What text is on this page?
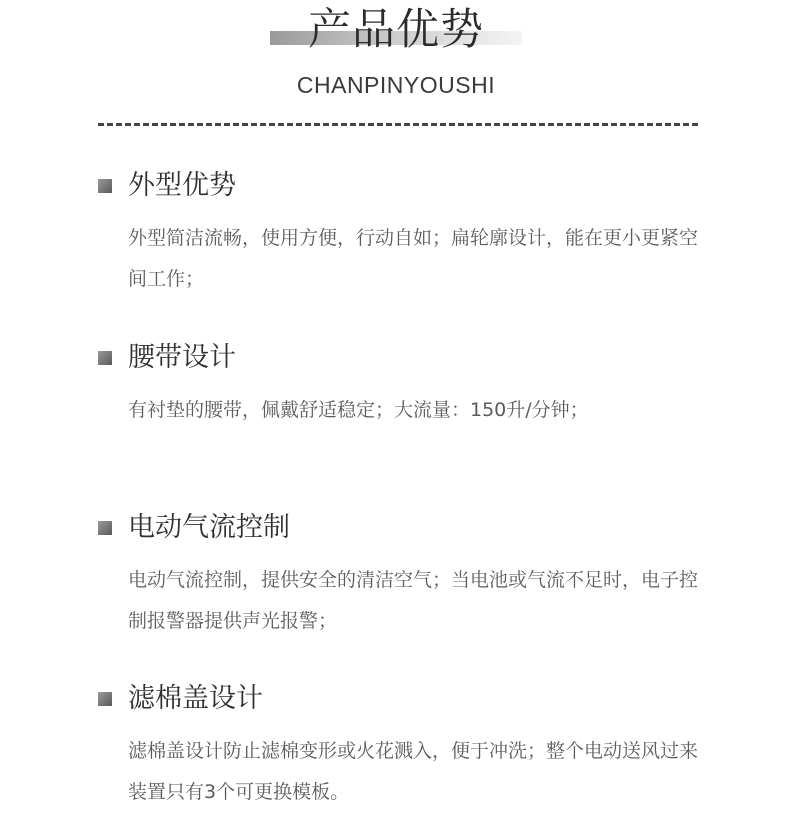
产品优势
CHANPINYOUSHI
外型优势
外型简洁流畅，使用方便，行动自如；扁轮廓设计，能在更小更紧空间工作；
腰带设计
有衬垫的腰带，佩戴舒适稳定；大流量：150升/分钟；
电动气流控制
电动气流控制，提供安全的清洁空气；当电池或气流不足时，电子控制报警器提供声光报警；
滤棉盖设计
滤棉盖设计防止滤棉变形或火花溅入，便于冲洗；整个电动送风过来装置只有3个可更换模板。
